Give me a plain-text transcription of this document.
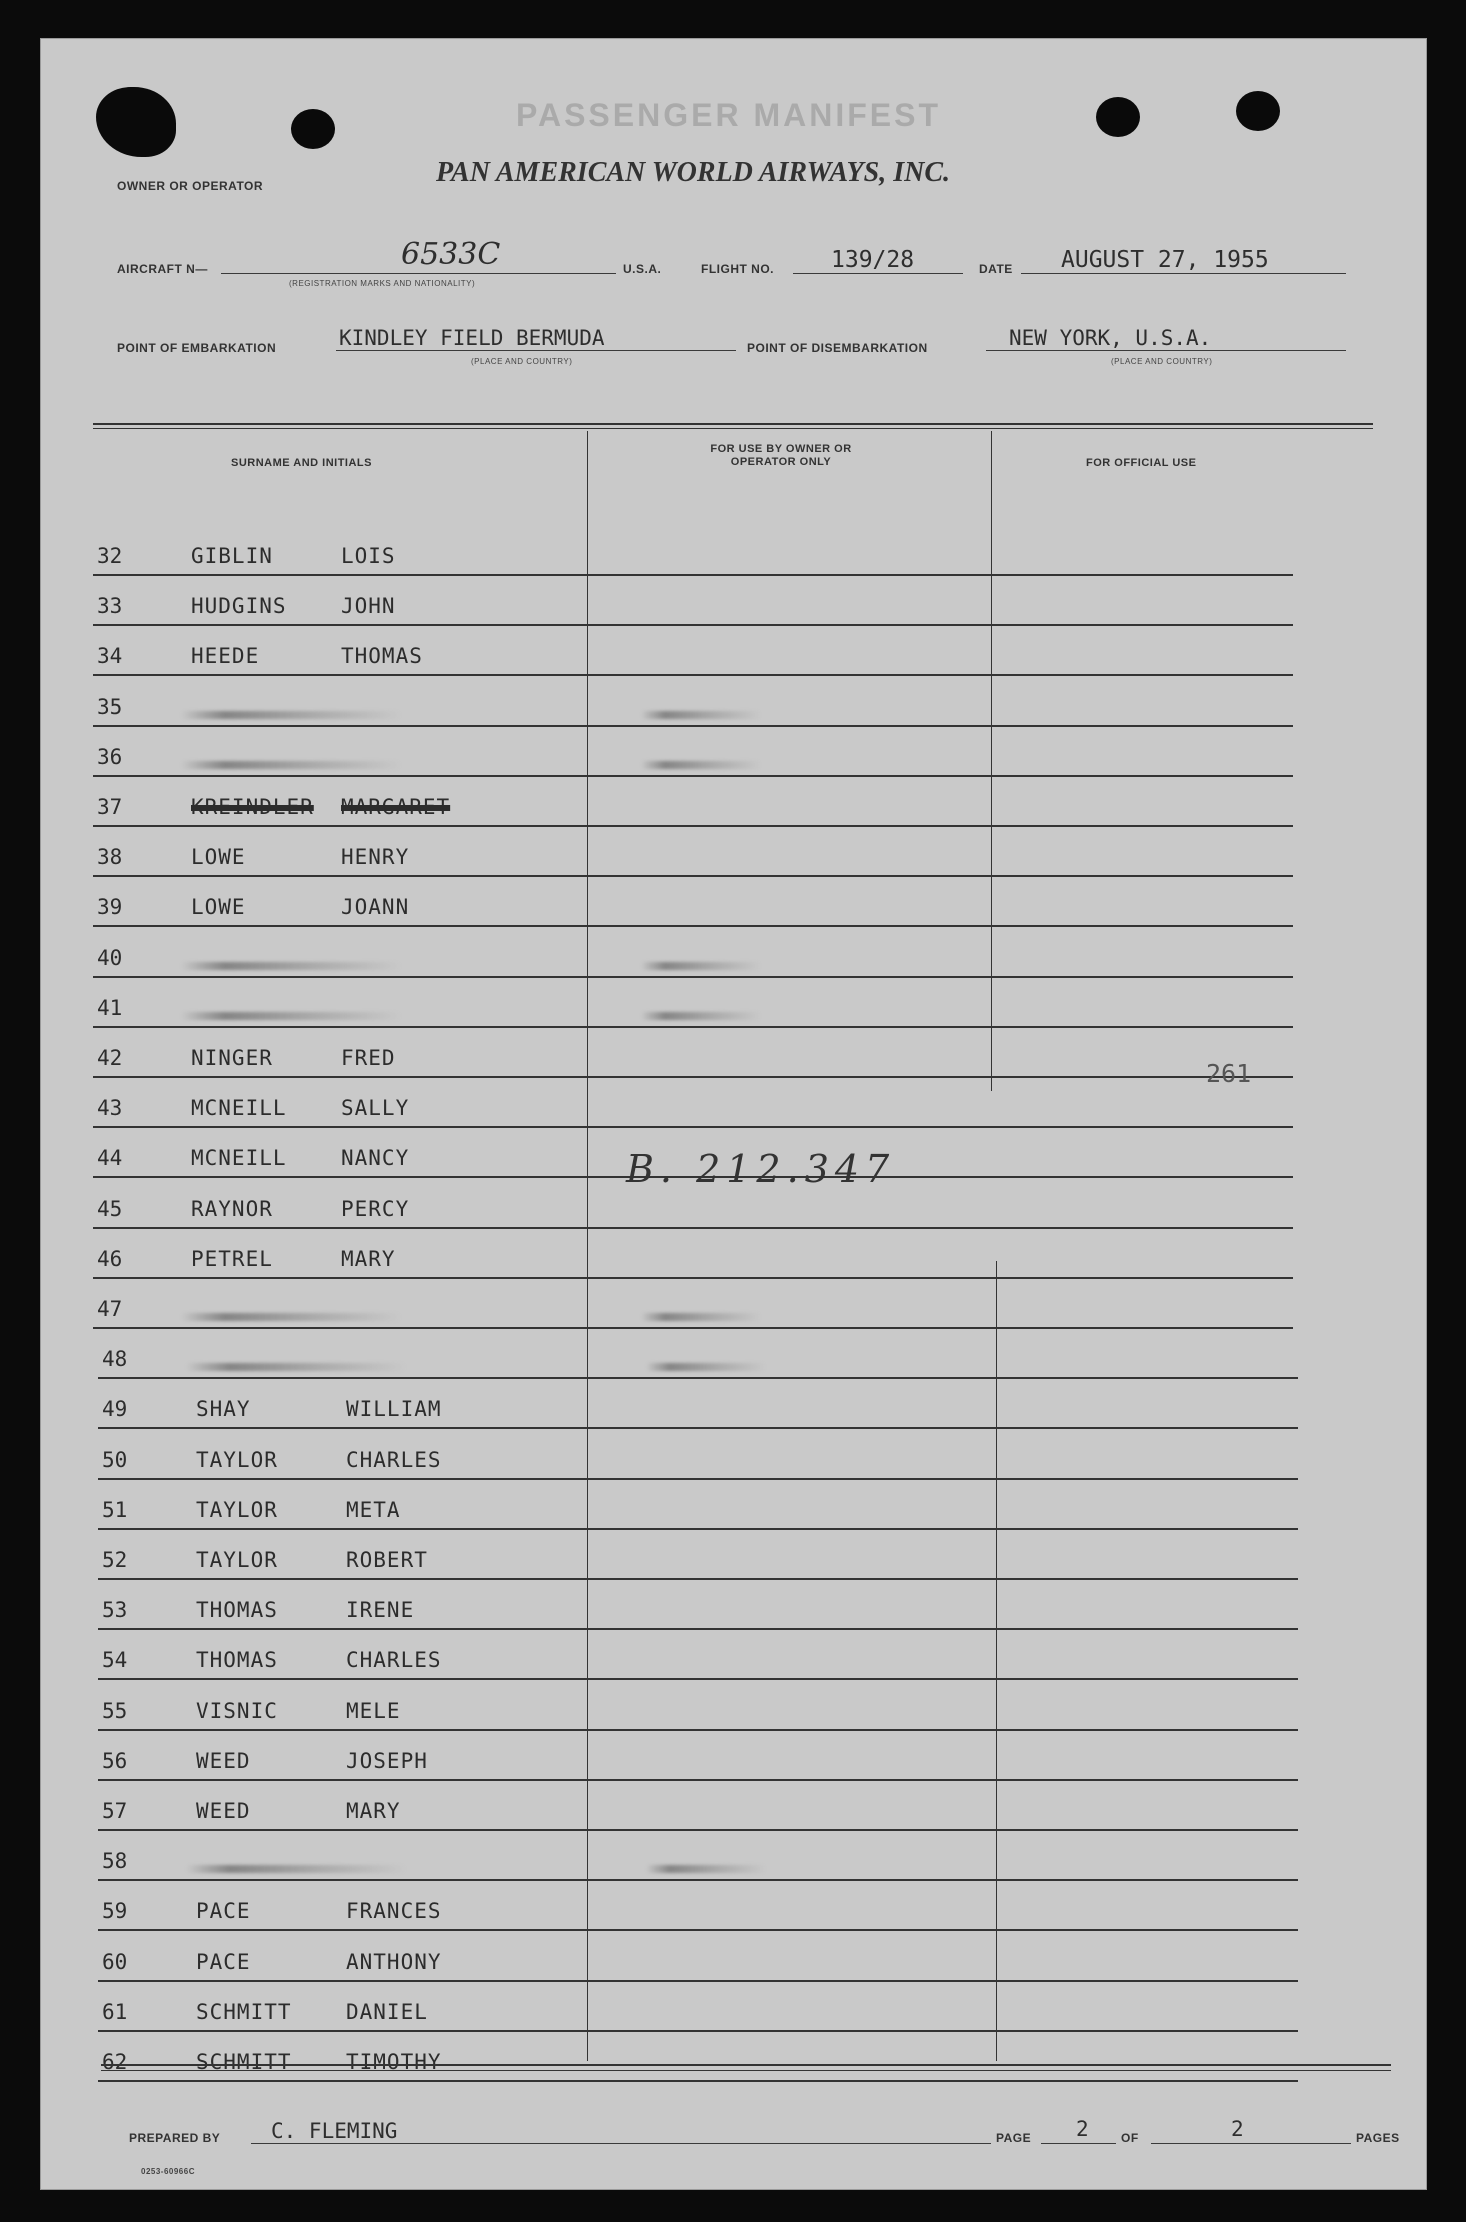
PASSENGER MANIFEST
OWNER OR OPERATOR	PAN AMERICAN WORLD AIRWAYS, INC.
AIRCRAFT N—	6533C
(REGISTRATION MARKS AND NATIONALITY)
U.S.A.	FLIGHT NO. 139/28	DATE AUGUST 27, 1955
POINT OF EMBARKATION	KINDLEY FIELD BERMUDA
(PLACE AND COUNTRY)
POINT OF DISEMBARKATION	NEW YORK, U.S.A.
(PLACE AND COUNTRY)
SURNAME AND INITIALS
FOR USE BY OWNER OR OPERATOR ONLY	FOR OFFICIAL USE
32	GIBLIN	LOIS
33	HUDGINS	JOHN
34	HEEDE	THOMAS
35
36
37	KREINDLER MARGARET
38	LOWE	HENRY
39	LOWE	JOANN
40
41
42	NINGER	FRED
43	MCNEILL	SALLY
44	MCNEILL	NANCY
45	RAYNOR	PERCY
46	PETREL	MARY
47
48
49	SHAY	WILLIAM
50	TAYLOR	CHARLES
51	TAYLOR	META
52	TAYLOR	ROBERT
53	THOMAS	IRENE
54	THOMAS	CHARLES
55	VISNIC	MELE
56	WEED	JOSEPH
57	WEED	MARY
58
59	PACE	FRANCES
60	PACE	ANTHONY
61	SCHMITT	DANIEL
62	SCHMITT	TIMOTHY
261
B. 212.347
PREPARED BY C. FLEMING	PAGE 2	OF	2	PAGES
0253-60966C
